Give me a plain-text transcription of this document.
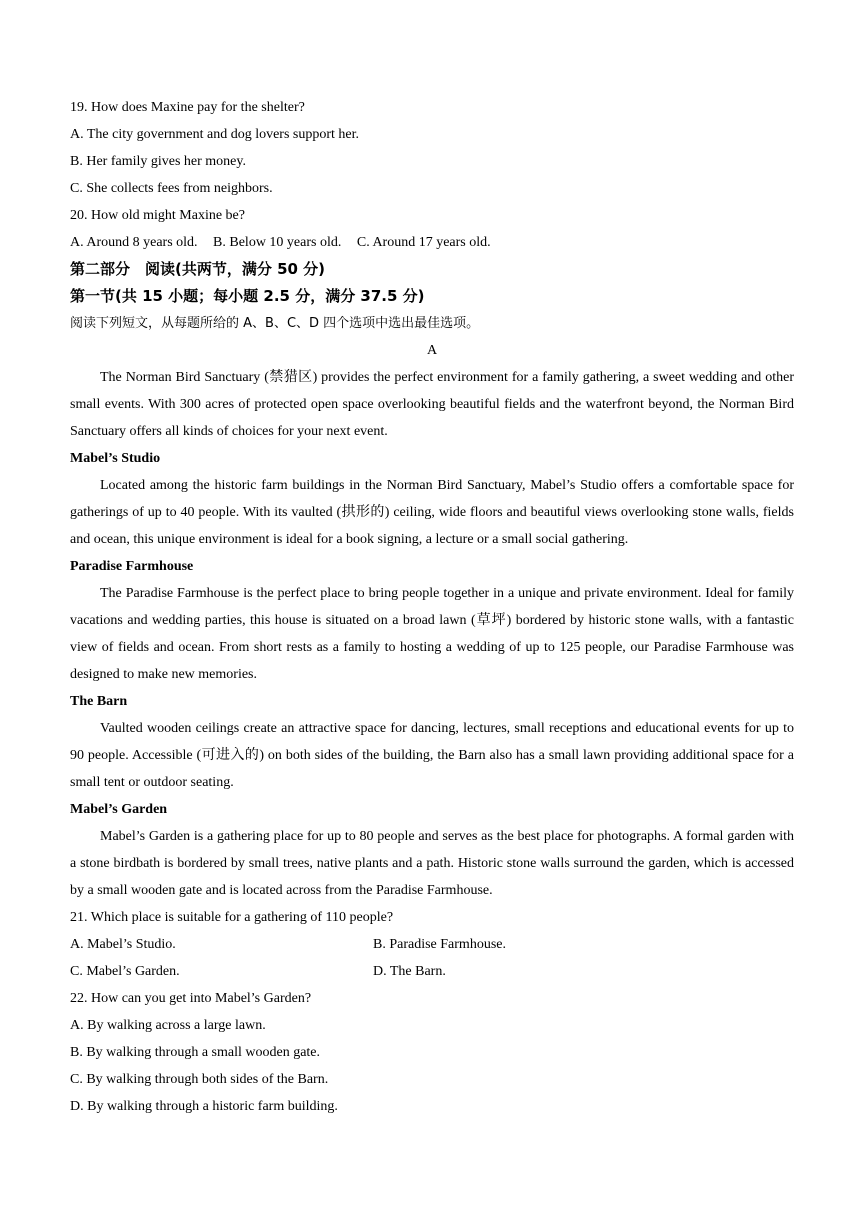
19. How does Maxine pay for the shelter?
A. The city government and dog lovers support her.
B. Her family gives her money.
C. She collects fees from neighbors.
20. How old might Maxine be?
A. Around 8 years old. B. Below 10 years old. C. Around 17 years old.
第二部分　阅读(共两节，满分 50 分)
第一节(共 15 小题；每小题 2.5 分，满分 37.5 分)
阅读下列短文，从每题所给的 A、B、C、D 四个选项中选出最佳选项。
A
The Norman Bird Sanctuary (禁猎区) provides the perfect environment for a family gathering, a sweet wedding and other small events. With 300 acres of protected open space overlooking beautiful fields and the waterfront beyond, the Norman Bird Sanctuary offers all kinds of choices for your next event.
Mabel’s Studio
Located among the historic farm buildings in the Norman Bird Sanctuary, Mabel’s Studio offers a comfortable space for gatherings of up to 40 people. With its vaulted (拱形的) ceiling, wide floors and beautiful views overlooking stone walls, fields and ocean, this unique environment is ideal for a book signing, a lecture or a small social gathering.
Paradise Farmhouse
The Paradise Farmhouse is the perfect place to bring people together in a unique and private environment. Ideal for family vacations and wedding parties, this house is situated on a broad lawn (草坪) bordered by historic stone walls, with a fantastic view of fields and ocean. From short rests as a family to hosting a wedding of up to 125 people, our Paradise Farmhouse was designed to make new memories.
The Barn
Vaulted wooden ceilings create an attractive space for dancing, lectures, small receptions and educational events for up to 90 people. Accessible (可进入的) on both sides of the building, the Barn also has a small lawn providing additional space for a small tent or outdoor seating.
Mabel’s Garden
Mabel’s Garden is a gathering place for up to 80 people and serves as the best place for photographs. A formal garden with a stone birdbath is bordered by small trees, native plants and a path. Historic stone walls surround the garden, which is accessed by a small wooden gate and is located across from the Paradise Farmhouse.
21. Which place is suitable for a gathering of 110 people?
A. Mabel’s Studio.	B. Paradise Farmhouse.
C. Mabel’s Garden.	D. The Barn.
22. How can you get into Mabel’s Garden?
A. By walking across a large lawn.
B. By walking through a small wooden gate.
C. By walking through both sides of the Barn.
D. By walking through a historic farm building.
